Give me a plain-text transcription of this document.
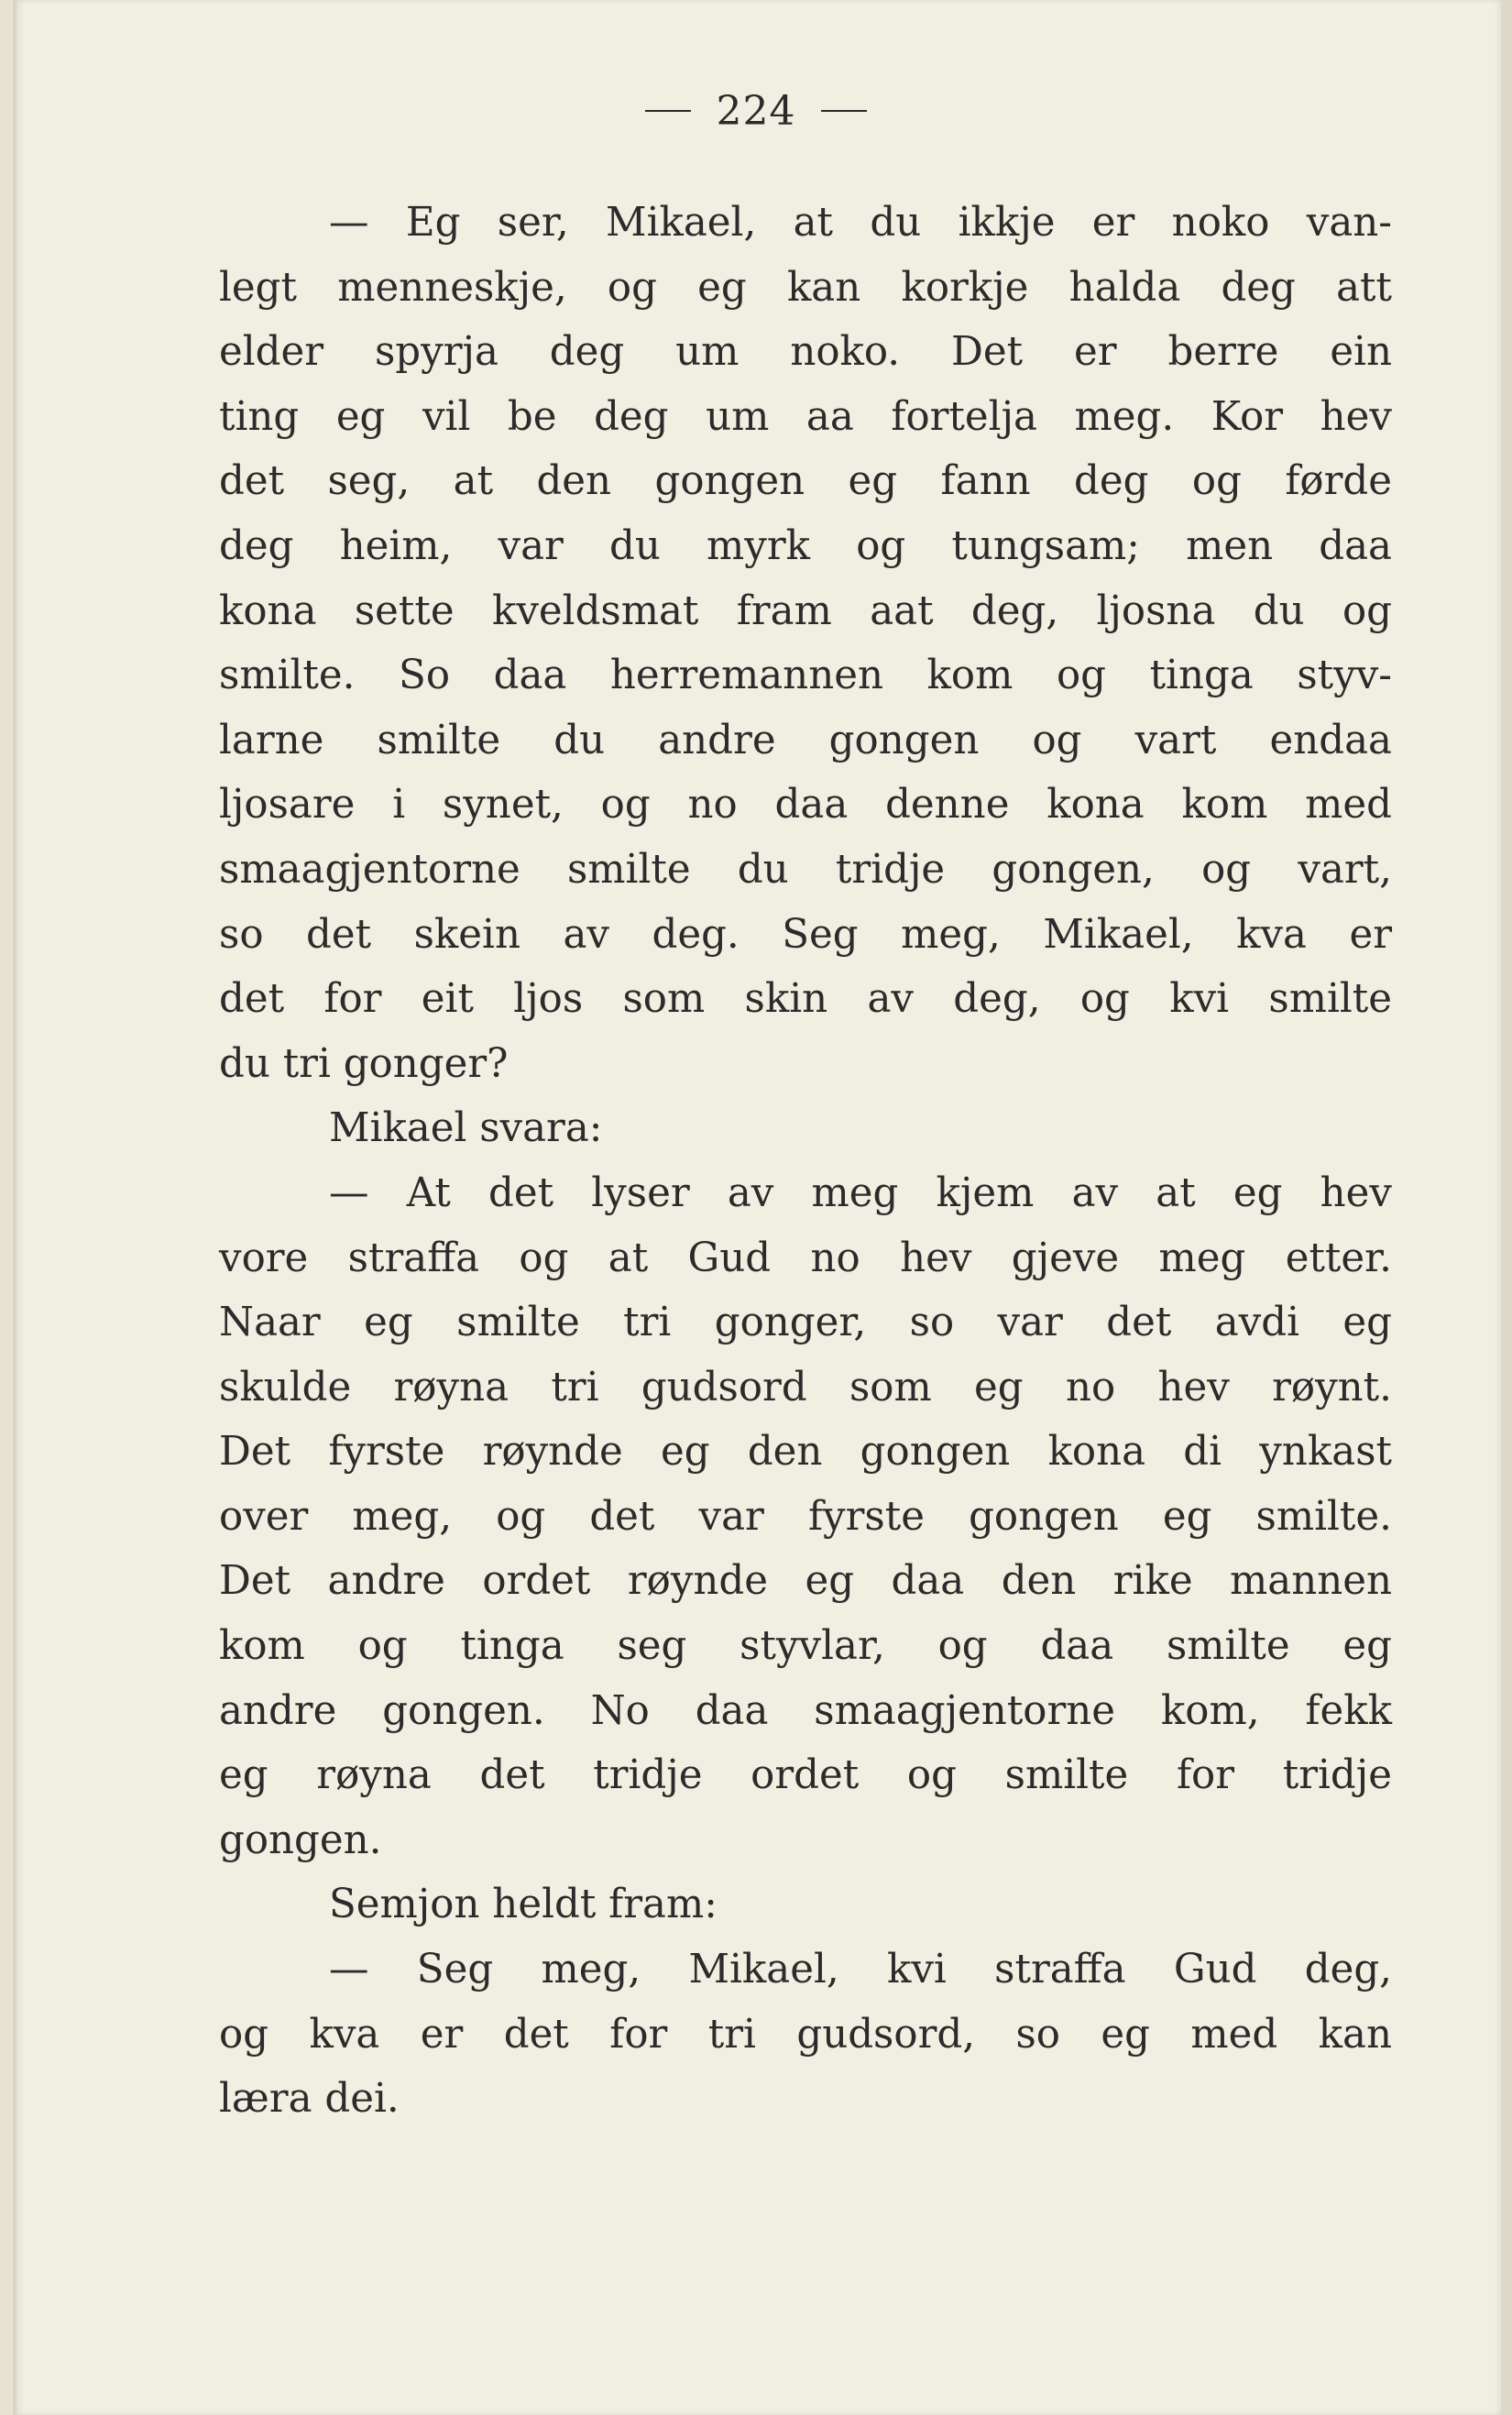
224
— Eg ser, Mikael, at du ikkje er noko van-
legt menneskje, og eg kan korkje halda deg att
elder spyrja deg um noko. Det er berre ein
ting eg vil be deg um aa fortelja meg. Kor hev
det seg, at den gongen eg fann deg og førde
deg heim, var du myrk og tungsam; men daa
kona sette kveldsmat fram aat deg, ljosna du og
smilte. So daa herremannen kom og tinga styv-
larne smilte du andre gongen og vart endaa
ljosare i synet, og no daa denne kona kom med
smaagjentorne smilte du tridje gongen, og vart,
so det skein av deg. Seg meg, Mikael, kva er
det for eit ljos som skin av deg, og kvi smilte
du tri gonger?
Mikael svara:
— At det lyser av meg kjem av at eg hev
vore straffa og at Gud no hev gjeve meg etter.
Naar eg smilte tri gonger, so var det avdi eg
skulde røyna tri gudsord som eg no hev røynt.
Det fyrste røynde eg den gongen kona di ynkast
over meg, og det var fyrste gongen eg smilte.
Det andre ordet røynde eg daa den rike mannen
kom og tinga seg styvlar, og daa smilte eg
andre gongen. No daa smaagjentorne kom, fekk
eg røyna det tridje ordet og smilte for tridje
gongen.
Semjon heldt fram:
— Seg meg, Mikael, kvi straffa Gud deg,
og kva er det for tri gudsord, so eg med kan
læra dei.
